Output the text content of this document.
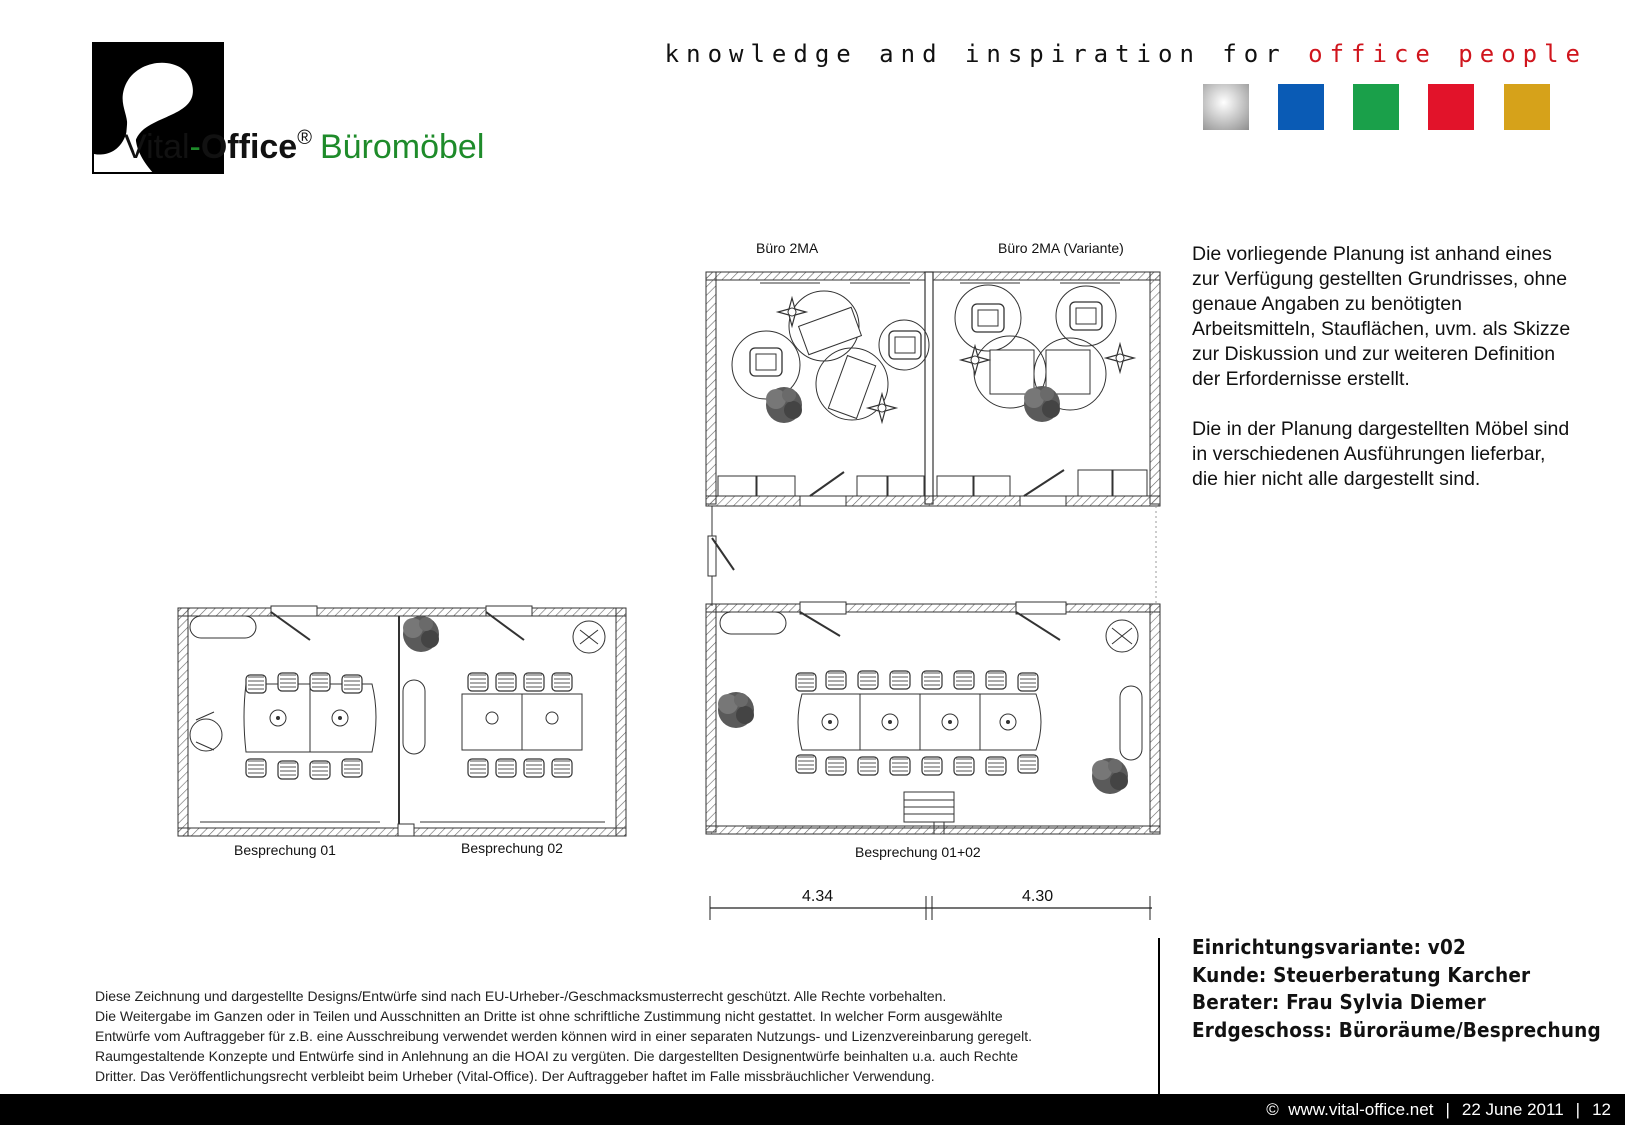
Vital-Office® Büromöbel
knowledge and inspiration for office people
Büro 2MA	Büro 2MA (Variante)
Besprechung 01	Besprechung 02	Besprechung 01+02
4.34	4.30

Die vorliegende Planung ist anhand eines zur Verfügung gestellten Grundrisses, ohne genaue Angaben zu benötigten Arbeitsmitteln, Stauflächen, uvm. als Skizze zur Diskussion und zur weiteren Definition der Erfordernisse erstellt.

Die in der Planung dargestellten Möbel sind in verschiedenen Ausführungen lieferbar, die hier nicht alle dargestellt sind.

Einrichtungsvariante: v02
Kunde: Steuerberatung Karcher
Berater: Frau Sylvia Diemer
Erdgeschoss: Büroräume/Besprechung
Diese Zeichnung und dargestellte Designs/Entwürfe sind nach EU-Urheber-/Geschmacksmusterrecht geschützt. Alle Rechte vorbehalten.
Die Weitergabe im Ganzen oder in Teilen und Ausschnitten an Dritte ist ohne schriftliche Zustimmung nicht gestattet. In welcher Form ausgewählte
Entwürfe vom Auftraggeber für z.B. eine Ausschreibung verwendet werden können wird in einer separaten Nutzungs- und Lizenzvereinbarung geregelt.
Raumgestaltende Konzepte und Entwürfe sind in Anlehnung an die HOAI zu vergüten. Die dargestellten Designentwürfe beinhalten u.a. auch Rechte
Dritter. Das Veröffentlichungsrecht verbleibt beim Urheber (Vital-Office). Der Auftraggeber haftet im Falle missbräuchlicher Verwendung.
© www.vital-office.net | 22 June 2011 | 12
